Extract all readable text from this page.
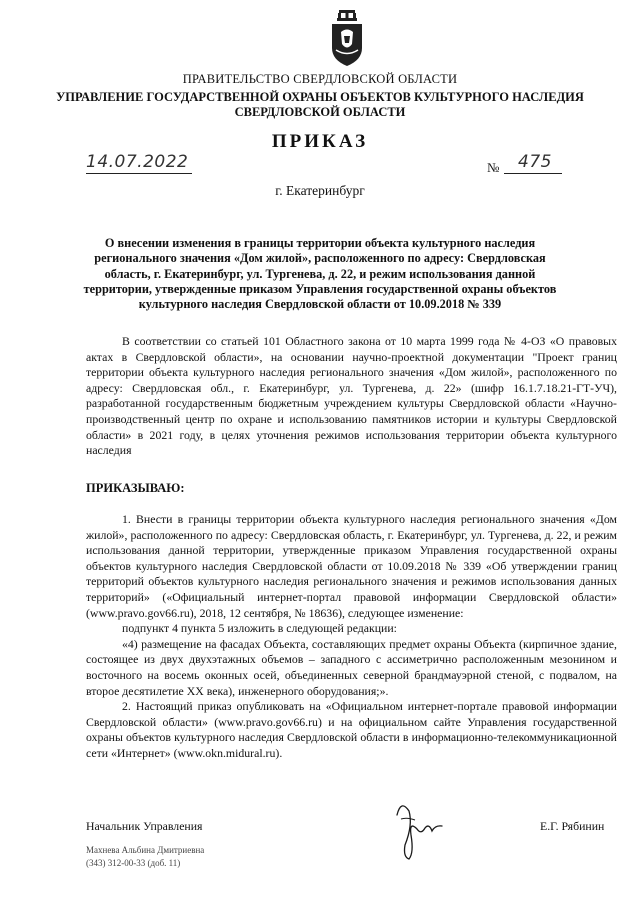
ПРАВИТЕЛЬСТВО СВЕРДЛОВСКОЙ ОБЛАСТИ
УПРАВЛЕНИЕ ГОСУДАРСТВЕННОЙ ОХРАНЫ ОБЪЕКТОВ КУЛЬТУРНОГО НАСЛЕДИЯ
СВЕРДЛОВСКОЙ ОБЛАСТИ
ПРИКАЗ
14.07.2022	№	475
г. Екатеринбург
О внесении изменения в границы территории объекта культурного наследия
регионального значения «Дом жилой», расположенного по адресу: Свердловская
область, г. Екатеринбург, ул. Тургенева, д. 22, и режим использования данной
территории, утвержденные приказом Управления государственной охраны объектов
культурного наследия Свердловской области от 10.09.2018 № 339

В соответствии со статьей 101 Областного закона от 10 марта 1999 года № 4-ОЗ «О правовых актах в Свердловской области», на основании научно-проектной документации "Проект границ территории объекта культурного наследия регионального значения «Дом жилой», расположенного по адресу: Свердловская обл., г. Екатеринбург, ул. Тургенева, д. 22» (шифр 16.1.7.18.21-ГТ-УЧ), разработанной государственным бюджетным учреждением культуры Свердловской области «Научно-производственный центр по охране и использованию памятников истории и культуры Свердловской области» в 2021 году, в целях уточнения режимов использования территории объекта культурного наследия

ПРИКАЗЫВАЮ:

1. Внести в границы территории объекта культурного наследия регионального значения «Дом жилой», расположенного по адресу: Свердловская область, г. Екатеринбург, ул. Тургенева, д. 22, и режим использования данной территории, утвержденные приказом Управления государственной охраны объектов культурного наследия Свердловской области от 10.09.2018 № 339 «Об утверждении границ территорий объектов культурного наследия регионального значения и режимов использования данных территорий» («Официальный интернет-портал правовой информации Свердловской области» (www.pravo.gov66.ru), 2018, 12 сентября, № 18636), следующее изменение:

подпункт 4 пункта 5 изложить в следующей редакции:

«4) размещение на фасадах Объекта, составляющих предмет охраны Объекта (кирпичное здание, состоящее из двух двухэтажных объемов – западного с ассиметрично расположенным мезонином и восточного на восемь оконных осей, объединенных северной брандмауэрной стеной, с подвалом, на второе десятилетие XX века), инженерного оборудования;».

2. Настоящий приказ опубликовать на «Официальном интернет-портале правовой информации Свердловской области» (www.pravo.gov66.ru) и на официальном сайте Управления государственной охраны объектов культурного наследия Свердловской области в информационно-телекоммуникационной сети «Интернет» (www.okn.midural.ru).

Начальник Управления	Е.Г. Рябинин
Махнева Альбина Дмитриевна
(343) 312-00-33 (доб. 11)
